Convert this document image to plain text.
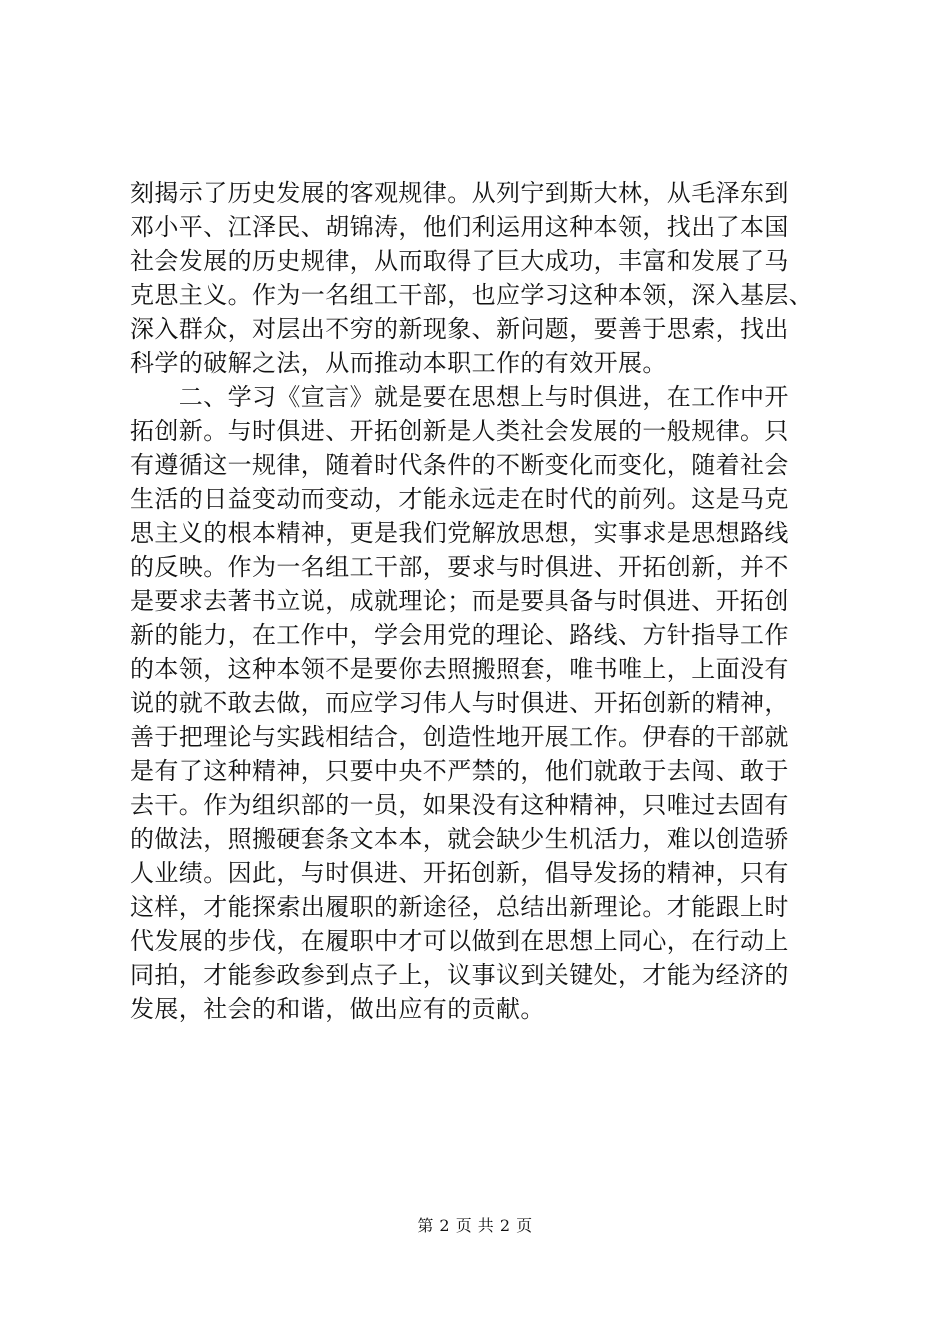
刻揭示了历史发展的客观规律。从列宁到斯大林，从毛泽东到
邓小平、江泽民、胡锦涛，他们利运用这种本领，找出了本国
社会发展的历史规律，从而取得了巨大成功，丰富和发展了马
克思主义。作为一名组工干部，也应学习这种本领，深入基层、
深入群众，对层出不穷的新现象、新问题，要善于思索，找出
科学的破解之法，从而推动本职工作的有效开展。
　　二、学习《宣言》就是要在思想上与时俱进，在工作中开
拓创新。与时俱进、开拓创新是人类社会发展的一般规律。只
有遵循这一规律，随着时代条件的不断变化而变化，随着社会
生活的日益变动而变动，才能永远走在时代的前列。这是马克
思主义的根本精神，更是我们党解放思想，实事求是思想路线
的反映。作为一名组工干部，要求与时俱进、开拓创新，并不
是要求去著书立说，成就理论；而是要具备与时俱进、开拓创
新的能力，在工作中，学会用党的理论、路线、方针指导工作
的本领，这种本领不是要你去照搬照套，唯书唯上，上面没有
说的就不敢去做，而应学习伟人与时俱进、开拓创新的精神，
善于把理论与实践相结合，创造性地开展工作。伊春的干部就
是有了这种精神，只要中央不严禁的，他们就敢于去闯、敢于
去干。作为组织部的一员，如果没有这种精神，只唯过去固有
的做法，照搬硬套条文本本，就会缺少生机活力，难以创造骄
人业绩。因此，与时俱进、开拓创新，倡导发扬的精神，只有
这样，才能探索出履职的新途径，总结出新理论。才能跟上时
代发展的步伐，在履职中才可以做到在思想上同心，在行动上
同拍，才能参政参到点子上，议事议到关键处，才能为经济的
发展，社会的和谐，做出应有的贡献。
第 2 页 共 2 页
